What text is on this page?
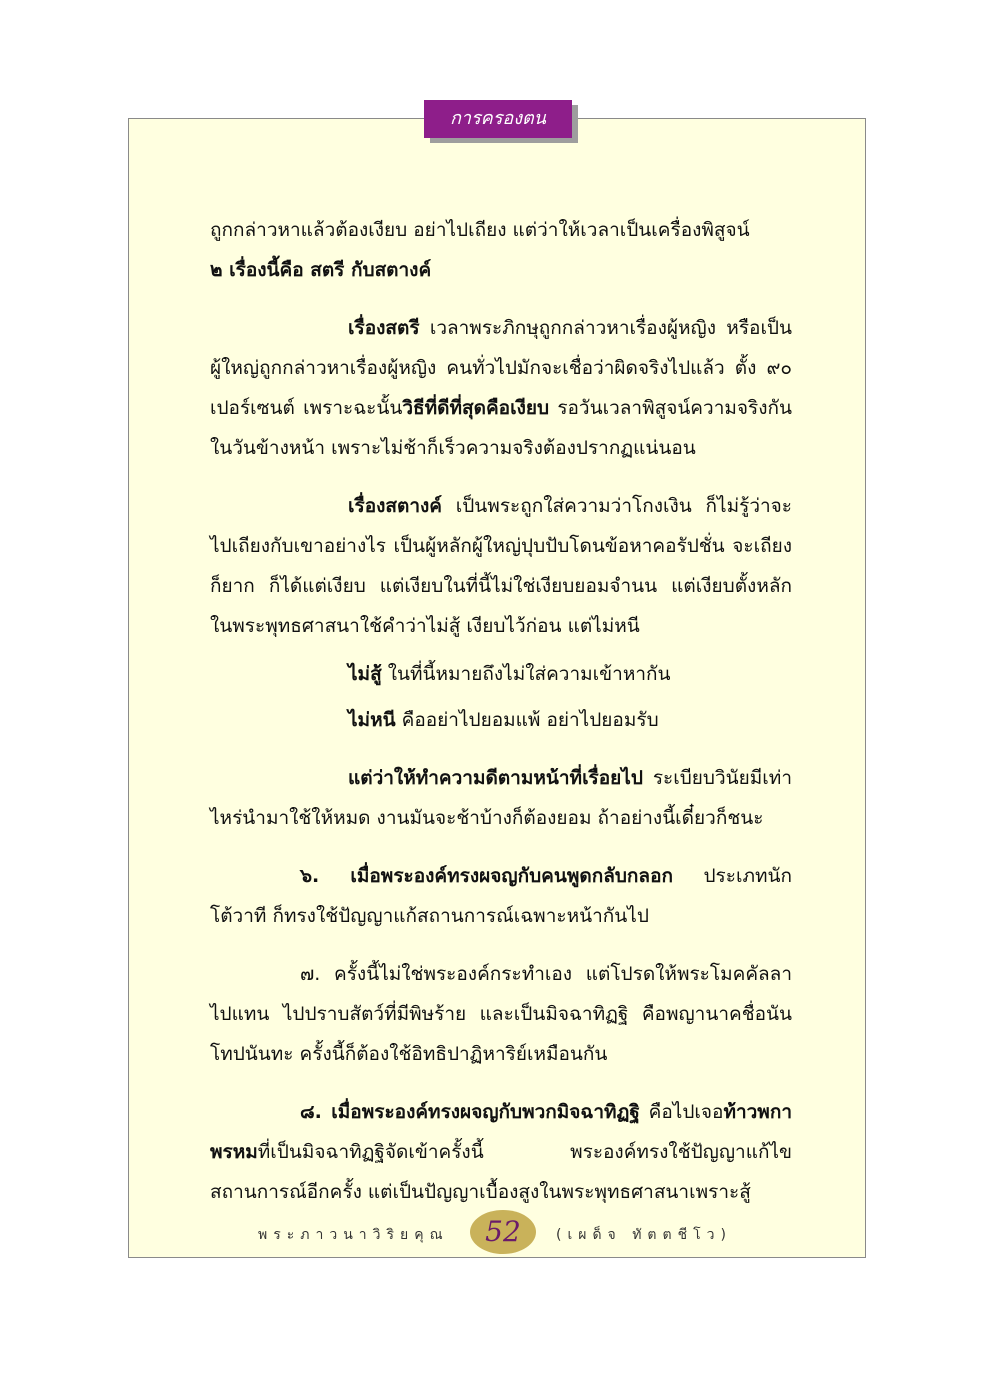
การครองตน

ถูกกล่าวหาแล้วต้องเงียบ อย่าไปเถียง แต่ว่าให้เวลาเป็นเครื่องพิสูจน์
๒ เรื่องนี้คือ สตรี กับสตางค์

เรื่องสตรี เวลาพระภิกษุถูกกล่าวหาเรื่องผู้หญิง หรือเป็นผู้ใหญ่ถูกกล่าวหาเรื่องผู้หญิง คนทั่วไปมักจะเชื่อว่าผิดจริงไปแล้ว ตั้ง ๙๐ เปอร์เซนต์ เพราะฉะนั้นวิธีที่ดีที่สุดคือเงียบ รอวันเวลาพิสูจน์ความจริงกันในวันข้างหน้า เพราะไม่ช้าก็เร็วความจริงต้องปรากฏแน่นอน

เรื่องสตางค์ เป็นพระถูกใส่ความว่าโกงเงิน ก็ไม่รู้ว่าจะไปเถียงกับเขาอย่างไร เป็นผู้หลักผู้ใหญ่ปุบปับโดนข้อหาคอรัปชั่น จะเถียงก็ยาก ก็ได้แต่เงียบ แต่เงียบในที่นี้ไม่ใช่เงียบยอมจำนน แต่เงียบตั้งหลัก ในพระพุทธศาสนาใช้คำว่าไม่สู้ เงียบไว้ก่อน แต่ไม่หนี

ไม่สู้ ในที่นี้หมายถึงไม่ใส่ความเข้าหากัน

ไม่หนี คืออย่าไปยอมแพ้ อย่าไปยอมรับ

แต่ว่าให้ทำความดีตามหน้าที่เรื่อยไป ระเบียบวินัยมีเท่าไหร่นำมาใช้ให้หมด งานมันจะช้าบ้างก็ต้องยอม ถ้าอย่างนี้เดี๋ยวก็ชนะ

๖. เมื่อพระองค์ทรงผจญกับคนพูดกลับกลอก ประเภทนักโต้วาที ก็ทรงใช้ปัญญาแก้สถานการณ์เฉพาะหน้ากันไป

๗. ครั้งนี้ไม่ใช่พระองค์กระทำเอง แต่โปรดให้พระโมคคัลลาไปแทน ไปปราบสัตว์ที่มีพิษร้าย และเป็นมิจฉาทิฏฐิ คือพญานาคชื่อนันโทปนันทะ ครั้งนี้ก็ต้องใช้อิทธิปาฏิหาริย์เหมือนกัน

๘. เมื่อพระองค์ทรงผจญกับพวกมิจฉาทิฏฐิ คือไปเจอท้าวพกาพรหมที่เป็นมิจฉาทิฏฐิจัดเข้าครั้งนี้ พระองค์ทรงใช้ปัญญาแก้ไขสถานการณ์อีกครั้ง แต่เป็นปัญญาเบื้องสูงในพระพุทธศาสนาเพราะสู้

พระภาวนาวิริยคุณ	52	(เผด็จ ทัตตชีโว)
